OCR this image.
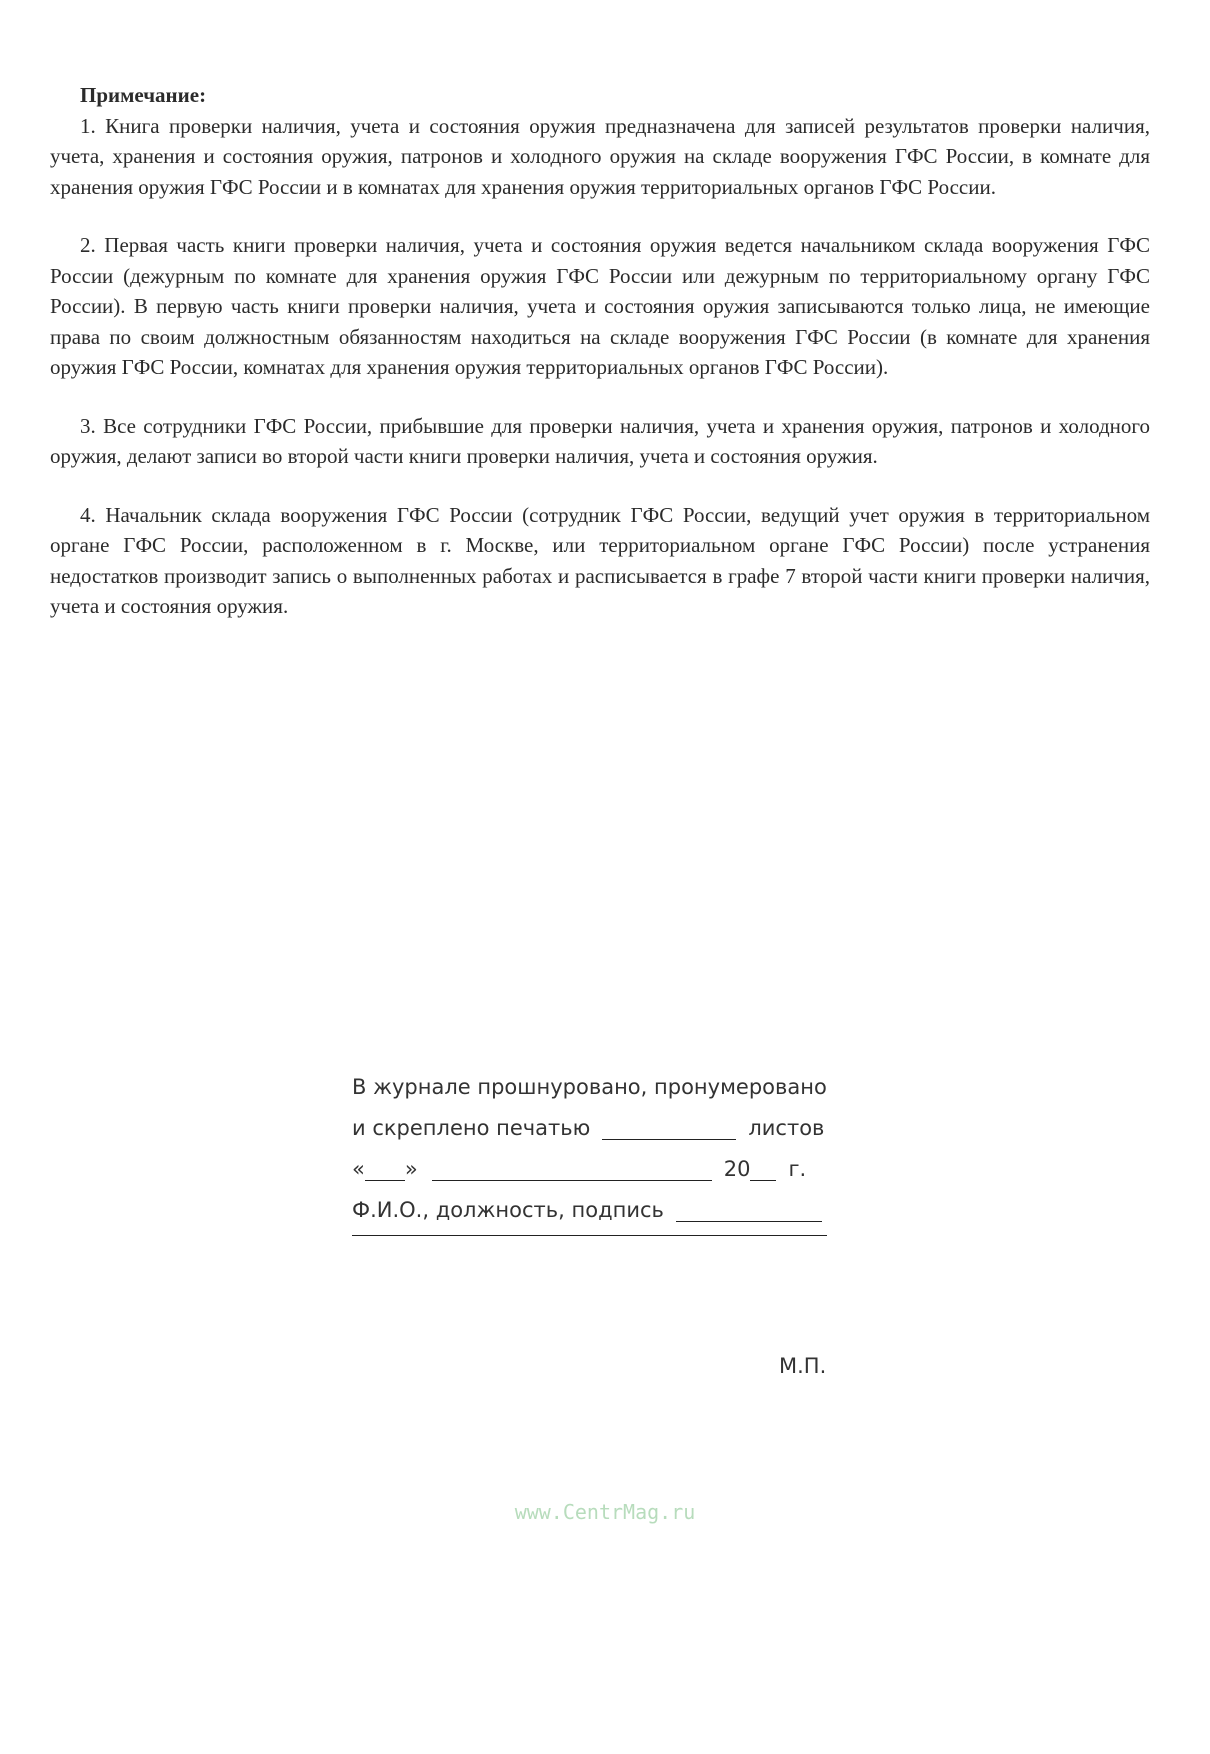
Примечание:

1. Книга проверки наличия, учета и состояния оружия предназначена для записей результатов проверки наличия, учета, хранения и состояния оружия, патронов и холодного оружия на складе вооружения ГФС России, в комнате для хранения оружия ГФС России и в комнатах для хранения оружия территориальных органов ГФС России.

2. Первая часть книги проверки наличия, учета и состояния оружия ведется начальником склада вооружения ГФС России (дежурным по комнате для хранения оружия ГФС России или дежурным по территориальному органу ГФС России). В первую часть книги проверки наличия, учета и состояния оружия записываются только лица, не имеющие права по своим должностным обязанностям находиться на складе вооружения ГФС России (в комнате для хранения оружия ГФС России, комнатах для хранения оружия территориальных органов ГФС России).

3. Все сотрудники ГФС России, прибывшие для проверки наличия, учета и хранения оружия, патронов и холодного оружия, делают записи во второй части книги проверки наличия, учета и состояния оружия.

4. Начальник склада вооружения ГФС России (сотрудник ГФС России, ведущий учет оружия в территориальном органе ГФС России, расположенном в г. Москве, или территориальном органе ГФС России) после устранения недостатков производит запись о выполненных работах и расписывается в графе 7 второй части книги проверки наличия, учета и состояния оружия.

В журнале прошнуровано, пронумеровано
и скреплено печатью	листов
« »	20 г.
Ф.И.О., должность, подпись
М.П.
www.CentrMag.ru
